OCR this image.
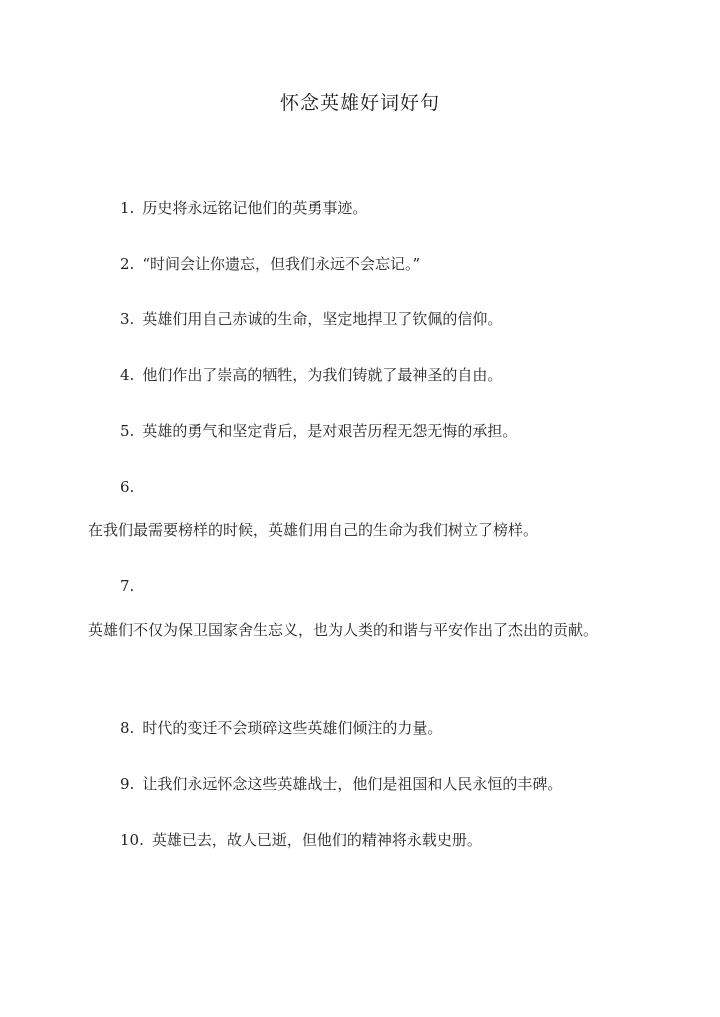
怀念英雄好词好句
1. 历史将永远铭记他们的英勇事迹。
2. “时间会让你遗忘，但我们永远不会忘记。”
3. 英雄们用自己赤诚的生命，坚定地捍卫了钦佩的信仰。
4. 他们作出了崇高的牺牲，为我们铸就了最神圣的自由。
5. 英雄的勇气和坚定背后，是对艰苦历程无怨无悔的承担。
6.
在我们最需要榜样的时候，英雄们用自己的生命为我们树立了榜样。
7.
英雄们不仅为保卫国家舍生忘义，也为人类的和谐与平安作出了杰出的贡献。
8. 时代的变迁不会琐碎这些英雄们倾注的力量。
9. 让我们永远怀念这些英雄战士，他们是祖国和人民永恒的丰碑。
10. 英雄已去，故人已逝，但他们的精神将永载史册。
